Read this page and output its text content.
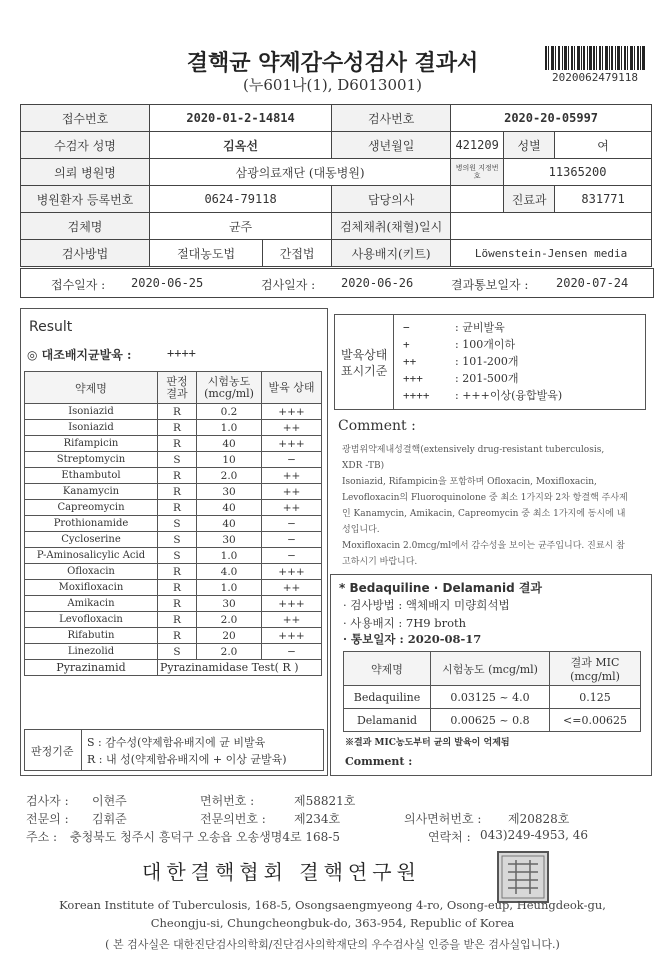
결핵균 약제감수성검사 결과서
(누601나(1), D6013001)	2020062479118
접수번호	2020-01-2-14814		검사번호	2020-20-05997		
수검자 성명	김옥선		생년월일	421209	성별	여
의뢰 병원명	삼광의료재단 (대동병원)			병의원 지정번호	11365200	
병원환자 등록번호	0624-79118		담당의사		진료과	831771
검체명	균주		검체채취(채혈)일시			
검사방법	절대농도법	간접법	사용배지(키트)	Löwenstein-Jensen media		
접수일자 : 2020-06-25	검사일자 : 2020-06-26	결과통보일자 : 2020-07-24
Result
◎ 대조배지균발육 :	++++
약제명	판정 결과	시험농도 (mcg/ml)	발육 상태
Isoniazid	R	0.2	+++
Isoniazid	R	1.0	++
Rifampicin	R	40	+++
Streptomycin	S	10	−
Ethambutol	R	2.0	++
Kanamycin	R	30	++
Capreomycin	R	40	++
Prothionamide	S	40	−
Cycloserine	S	30	−
P-Aminosalicylic Acid	S	1.0	−
Ofloxacin	R	4.0	+++
Moxifloxacin	R	1.0	++
Amikacin	R	30	+++
Levofloxacin	R	2.0	++
Rifabutin	R	20	+++
Linezolid	S	2.0	−
Pyrazinamid	Pyrazinamidase Test( R )		
판정기준
S : 감수성(약제함유배지에 균 비발육
R : 내 성(약제함유배지에 + 이상 균발육)
발육상태 표시기준
−	: 균비발육
+	: 100개이하
++	: 101-200개
+++	: 201-500개
++++ : +++이상(융합발육)
Comment :
광범위약제내성결핵(extensively drug-resistant tuberculosis,
XDR -TB)
Isoniazid, Rifampicin을 포함하며 Ofloxacin, Moxifloxacin,
Levofloxacin의 Fluoroquinolone 중 최소 1가지와 2차 항결핵 주사제
인 Kanamycin, Amikacin, Capreomycin 중 최소 1가지에 동시에 내
성입니다.
Moxifloxacin 2.0mcg/ml에서 감수성을 보이는 균주입니다. 진료시 참
고하시기 바랍니다.
* Bedaquiline · Delamanid 결과
· 검사방법 : 액체배지 미량희석법
· 사용배지 : 7H9 broth
· 통보일자 : 2020-08-17
약제명	시험농도 (mcg/ml)	결과 MIC (mcg/ml)
Bedaquiline	0.03125 ~ 4.0	0.125
Delamanid	0.00625 ~ 0.8	<=0.00625
※결과 MIC농도부터 균의 발육이 억제됨
Comment :
검사자 : 이현주	면허번호 :	제58821호
전문의 : 김휘준	전문의번호 : 제234호	의사면허번호 : 제20828호
주소 : 충청북도 청주시 흥덕구 오송읍 오송생명4로 168-5	연락처 : 043)249-4953, 46
대한결핵협회 결핵연구원
Korean Institute of Tuberculosis, 168-5, Osongsaengmyeong 4-ro, Osong-eup, Heungdeok-gu,
Cheongju-si, Chungcheongbuk-do, 363-954, Republic of Korea
( 본 검사실은 대한진단검사의학회/진단검사의학재단의 우수검사실 인증을 받은 검사실입니다.)
